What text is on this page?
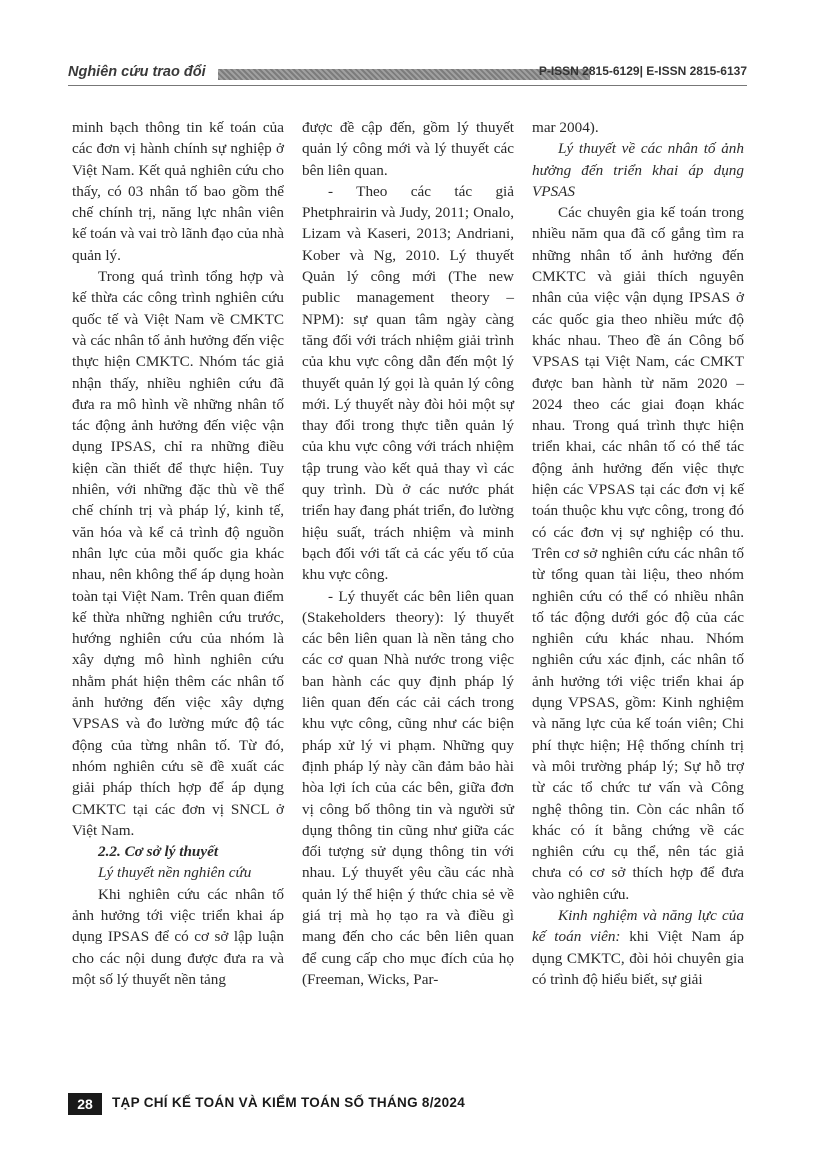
Nghiên cứu trao đổi	P-ISSN 2815-6129| E-ISSN 2815-6137

minh bạch thông tin kế toán của các đơn vị hành chính sự nghiệp ở Việt Nam. Kết quả nghiên cứu cho thấy, có 03 nhân tố bao gồm thể chế chính trị, năng lực nhân viên kế toán và vai trò lãnh đạo của nhà quản lý.

Trong quá trình tổng hợp và kế thừa các công trình nghiên cứu quốc tế và Việt Nam về CMKTC và các nhân tố ảnh hưởng đến việc thực hiện CMKTC. Nhóm tác giả nhận thấy, nhiều nghiên cứu đã đưa ra mô hình về những nhân tố tác động ảnh hưởng đến việc vận dụng IPSAS, chỉ ra những điều kiện cần thiết để thực hiện. Tuy nhiên, với những đặc thù về thể chế chính trị và pháp lý, kinh tế, văn hóa và kể cả trình độ nguồn nhân lực của mỗi quốc gia khác nhau, nên không thể áp dụng hoàn toàn tại Việt Nam. Trên quan điểm kế thừa những nghiên cứu trước, hướng nghiên cứu của nhóm là xây dựng mô hình nghiên cứu nhằm phát hiện thêm các nhân tố ảnh hưởng đến việc xây dựng VPSAS và đo lường mức độ tác động của từng nhân tố. Từ đó, nhóm nghiên cứu sẽ đề xuất các giải pháp thích hợp để áp dụng CMKTC tại các đơn vị SNCL ở Việt Nam.

2.2. Cơ sở lý thuyết

Lý thuyết nền nghiên cứu

Khi nghiên cứu các nhân tố ảnh hưởng tới việc triển khai áp dụng IPSAS để có cơ sở lập luận cho các nội dung được đưa ra và một số lý thuyết nền tảng

được đề cập đến, gồm lý thuyết quản lý công mới và lý thuyết các bên liên quan.

- Theo các tác giả Phetphrairin và Judy, 2011; Onalo, Lizam và Kaseri, 2013; Andriani, Kober và Ng, 2010. Lý thuyết Quản lý công mới (The new public management theory – NPM): sự quan tâm ngày càng tăng đối với trách nhiệm giải trình của khu vực công dẫn đến một lý thuyết quản lý gọi là quản lý công mới. Lý thuyết này đòi hỏi một sự thay đổi trong thực tiễn quản lý của khu vực công với trách nhiệm tập trung vào kết quả thay vì các quy trình. Dù ở các nước phát triển hay đang phát triển, đo lường hiệu suất, trách nhiệm và minh bạch đối với tất cả các yếu tố của khu vực công.

- Lý thuyết các bên liên quan (Stakeholders theory): lý thuyết các bên liên quan là nền tảng cho các cơ quan Nhà nước trong việc ban hành các quy định pháp lý liên quan đến các cải cách trong khu vực công, cũng như các biện pháp xử lý vi phạm. Những quy định pháp lý này cần đảm bảo hài hòa lợi ích của các bên, giữa đơn vị công bố thông tin và người sử dụng thông tin cũng như giữa các đối tượng sử dụng thông tin với nhau. Lý thuyết yêu cầu các nhà quản lý thể hiện ý thức chia sẻ về giá trị mà họ tạo ra và điều gì mang đến cho các bên liên quan để cung cấp cho mục đích của họ (Freeman, Wicks, Par-

mar 2004).

Lý thuyết về các nhân tố ảnh hưởng đến triển khai áp dụng VPSAS

Các chuyên gia kế toán trong nhiều năm qua đã cố gắng tìm ra những nhân tố ảnh hưởng đến CMKTC và giải thích nguyên nhân của việc vận dụng IPSAS ở các quốc gia theo nhiều mức độ khác nhau. Theo đề án Công bố VPSAS tại Việt Nam, các CMKT được ban hành từ năm 2020 – 2024 theo các giai đoạn khác nhau. Trong quá trình thực hiện triển khai, các nhân tố có thể tác động ảnh hưởng đến việc thực hiện các VPSAS tại các đơn vị kế toán thuộc khu vực công, trong đó có các đơn vị sự nghiệp có thu. Trên cơ sở nghiên cứu các nhân tố từ tổng quan tài liệu, theo nhóm nghiên cứu có thể có nhiều nhân tố tác động dưới góc độ của các nghiên cứu khác nhau. Nhóm nghiên cứu xác định, các nhân tố ảnh hưởng tới việc triển khai áp dụng VPSAS, gồm: Kinh nghiệm và năng lực của kế toán viên; Chi phí thực hiện; Hệ thống chính trị và môi trường pháp lý; Sự hỗ trợ từ các tổ chức tư vấn và Công nghệ thông tin. Còn các nhân tố khác có ít bằng chứng về các nghiên cứu cụ thể, nên tác giả chưa có cơ sở thích hợp để đưa vào nghiên cứu.

Kinh nghiệm và năng lực của kế toán viên: khi Việt Nam áp dụng CMKTC, đòi hỏi chuyên gia có trình độ hiểu biết, sự giải

28	TẠP CHÍ KẾ TOÁN VÀ KIỂM TOÁN SỐ THÁNG 8/2024
